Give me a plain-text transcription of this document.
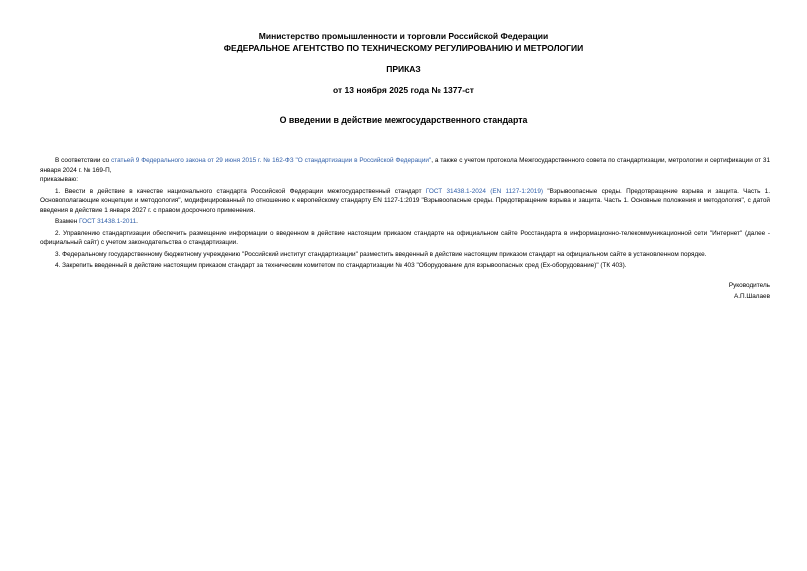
Министерство промышленности и торговли Российской Федерации
ФЕДЕРАЛЬНОЕ АГЕНТСТВО ПО ТЕХНИЧЕСКОМУ РЕГУЛИРОВАНИЮ И МЕТРОЛОГИИ
ПРИКАЗ
от 13 ноября 2025 года № 1377-ст
О введении в действие межгосударственного стандарта

В соответствии со статьей 9 Федерального закона от 29 июня 2015 г. № 162-ФЗ "О стандартизации в Российской Федерации", а также с учетом протокола Межгосударственного совета по стандартизации, метрологии и сертификации от 31 января 2024 г. № 169-П,

приказываю:

1. Ввести в действие в качестве национального стандарта Российской Федерации межгосударственный стандарт ГОСТ 31438.1-2024 (EN 1127-1:2019) "Взрывоопасные среды. Предотвращение взрыва и защита. Часть 1. Основополагающие концепции и методология", модифицированный по отношению к европейскому стандарту EN 1127-1:2019 "Взрывоопасные среды. Предотвращение взрыва и защита. Часть 1. Основные положения и методология", с датой введения в действие 1 января 2027 г. с правом досрочного применения.

Взамен ГОСТ 31438.1-2011.

2. Управлению стандартизации обеспечить размещение информации о введенном в действие настоящим приказом стандарте на официальном сайте Росстандарта в информационно-телекоммуникационной сети "Интернет" (далее - официальный сайт) с учетом законодательства о стандартизации.

3. Федеральному государственному бюджетному учреждению "Российский институт стандартизации" разместить введенный в действие настоящим приказом стандарт на официальном сайте в установленном порядке.

4. Закрепить введенный в действие настоящим приказом стандарт за техническим комитетом по стандартизации № 403 "Оборудование для взрывоопасных сред (Ex-оборудование)" (ТК 403).

Руководитель
А.П.Шалаев
